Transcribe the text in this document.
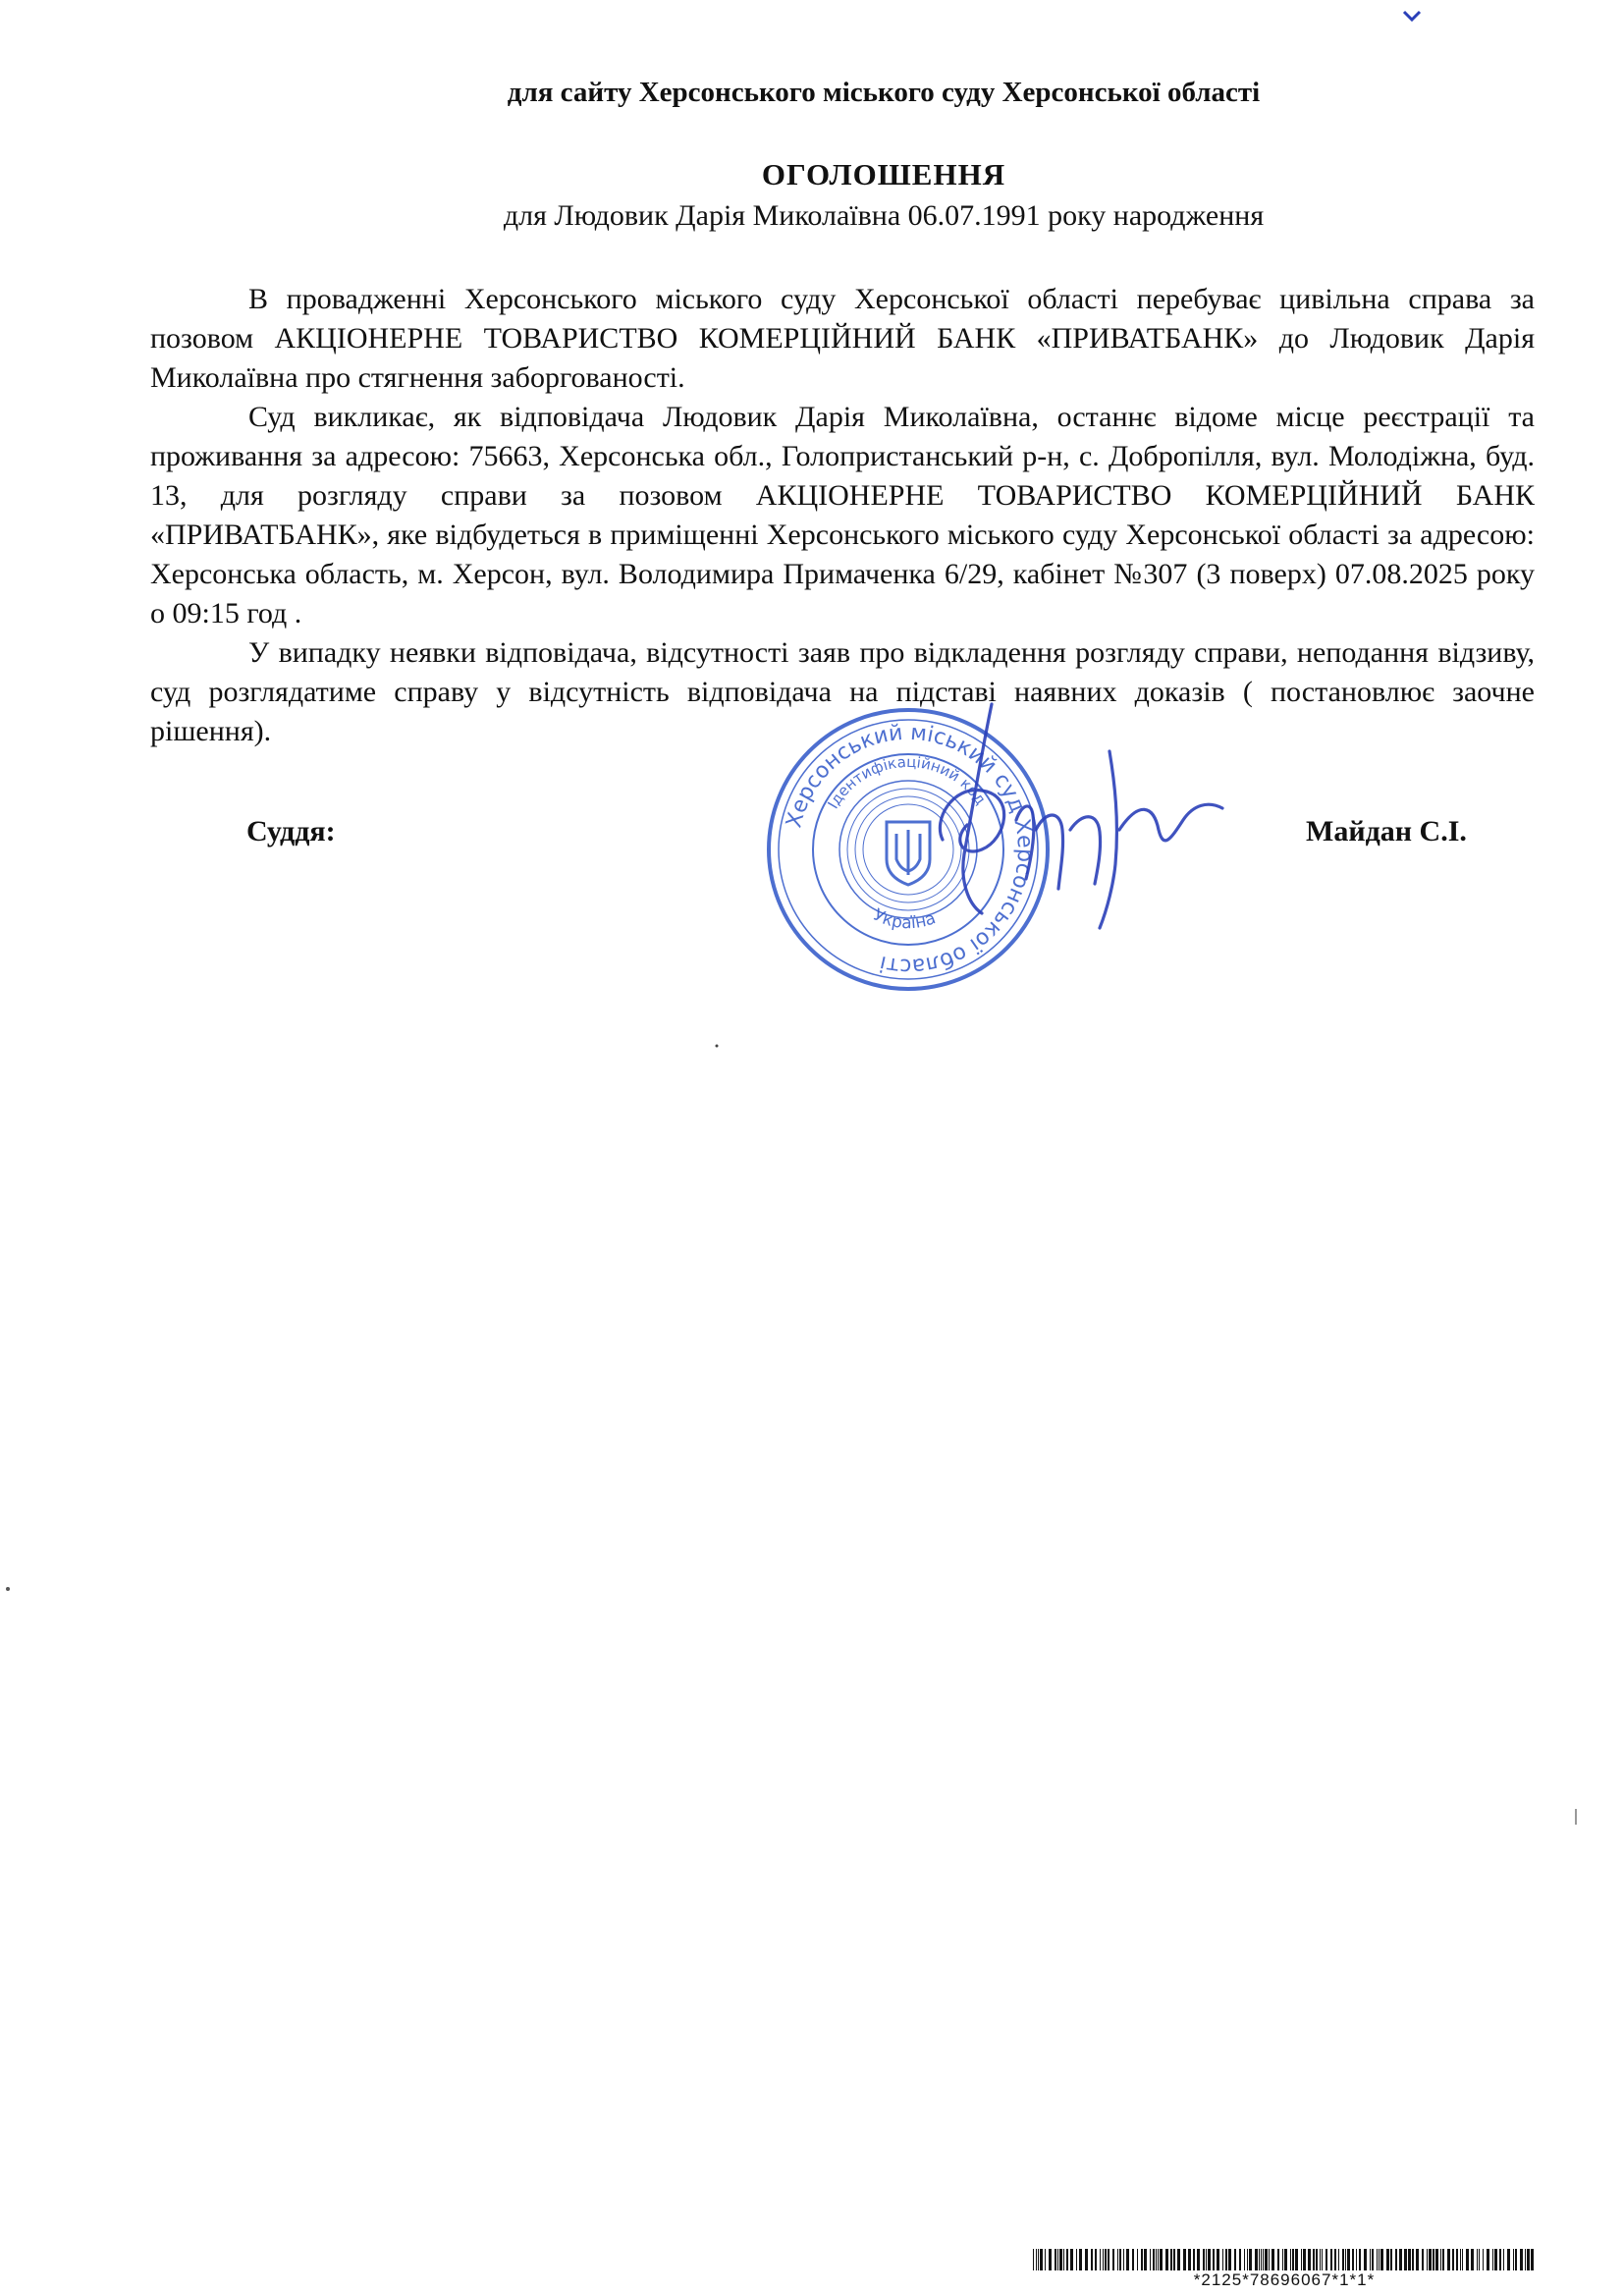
для сайту Херсонського міського суду Херсонської області
ОГОЛОШЕННЯ
для Людовик Дарія Миколаївна 06.07.1991 року народження

В провадженні Херсонського міського суду Херсонської області перебуває цивільна справа за позовом АКЦІОНЕРНЕ ТОВАРИСТВО КОМЕРЦІЙНИЙ БАНК «ПРИВАТБАНК» до Людовик Дарія Миколаївна про стягнення заборгованості.

Суд викликає, як відповідача Людовик Дарія Миколаївна, останнє відоме місце реєстрації та проживання за адресою: 75663, Херсонська обл., Голопристанський р-н, с. Добропілля, вул. Молодіжна, буд. 13, для розгляду справи за позовом АКЦІОНЕРНЕ ТОВАРИСТВО КОМЕРЦІЙНИЙ БАНК «ПРИВАТБАНК», яке відбудеться в приміщенні Херсонського міського суду Херсонської області за адресою: Херсонська область, м. Херсон, вул. Володимира Примаченка 6/29, кабінет №307 (3 поверх) 07.08.2025 року о 09:15 год .

У випадку неявки відповідача, відсутності заяв про відкладення розгляду справи, неподання відзиву, суд розглядатиме справу у відсутність відповідача на підставі наявних доказів ( постановлює заочне рішення).

Херсонський міський суд Херсонської області
Ідентифікаційний код
Україна
Суддя:	Майдан С.І.
*2125*78696067*1*1*
